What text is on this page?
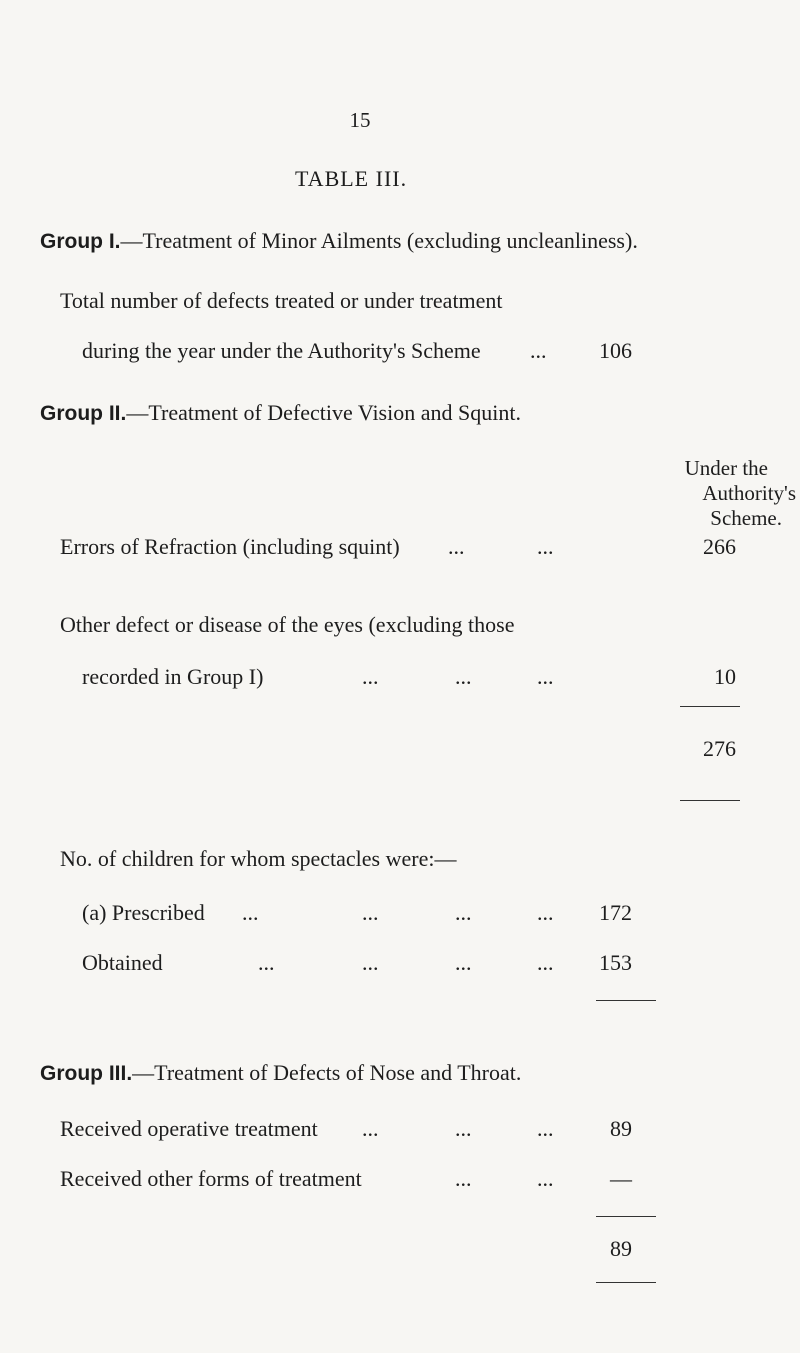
15
TABLE III.
Group I.—Treatment of Minor Ailments (excluding uncleanliness).
Total number of defects treated or under treatment
during the year under the Authority's Scheme ...	106
Group II.—Treatment of Defective Vision and Squint.
Under the
Authority's
Scheme.
Errors of Refraction (including squint) ...	...	266
Other defect or disease of the eyes (excluding those
recorded in Group I)	...	...	...	10
276
No. of children for whom spectacles were:—
(a) Prescribed ...	...	...	...	172
Obtained	...	...	...	...	153
Group III.—Treatment of Defects of Nose and Throat.
Received operative treatment ...	...	...	89
Received other forms of treatment	...	...	—
89
